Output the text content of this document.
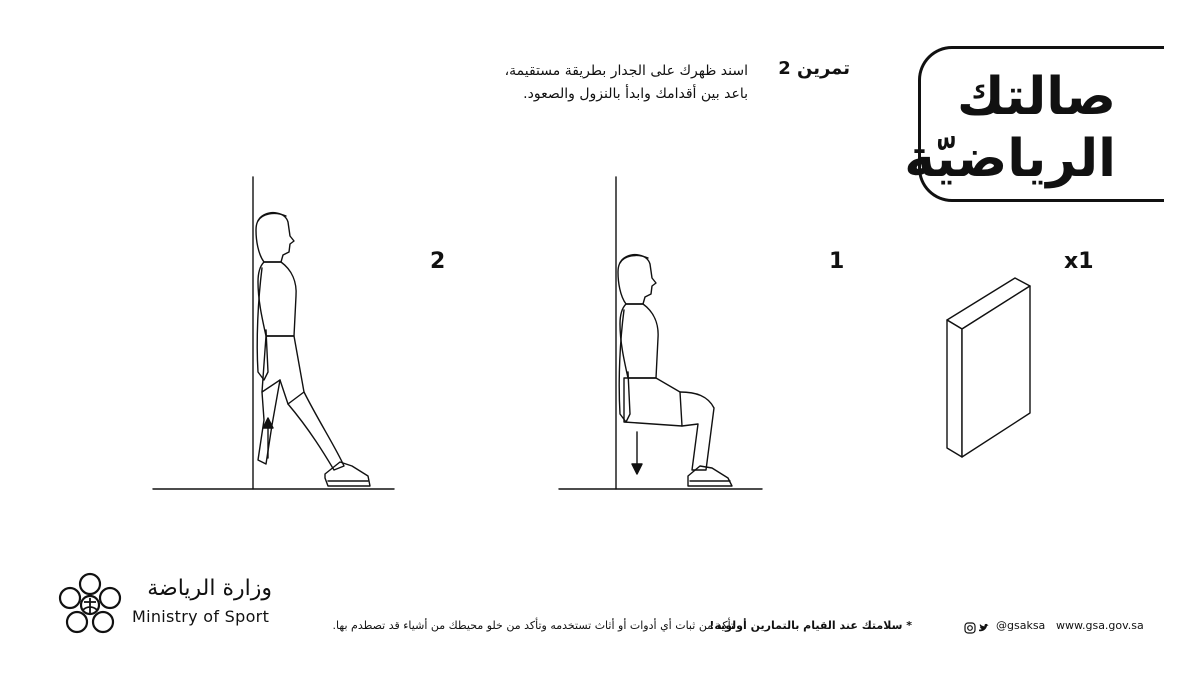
صالتك
الرياضيّة
تمرين 2
اسند ظهرك على الجدار بطريقة مستقيمة،
باعد بين أقدامك وابدأ بالنزول والصعود.
x1
1
2
وزارة الرياضة
Ministry of Sport	* سلامتك عند القيام بالتمارين أولوية!
تأكد من ثبات أي أدوات أو أثاث تستخدمه وتأكد من خلو محيطك من أشياء قد تصطدم بها.	@gsaksa www.gsa.gov.sa
